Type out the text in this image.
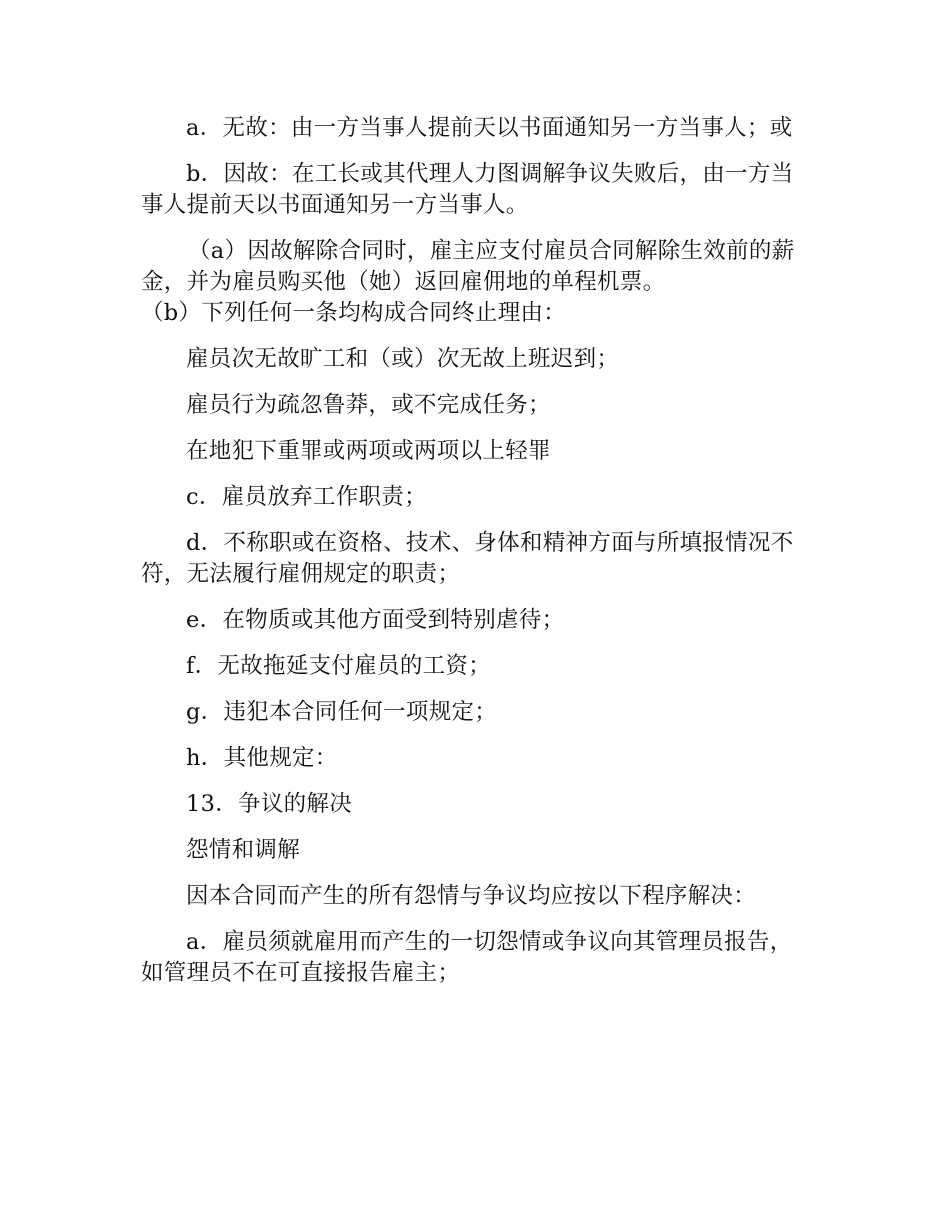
a．无故：由一方当事人提前天以书面通知另一方当事人；或

b．因故：在工长或其代理人力图调解争议失败后，由一方当事人提前天以书面通知另一方当事人。

（a）因故解除合同时，雇主应支付雇员合同解除生效前的薪金，并为雇员购买他（她）返回雇佣地的单程机票。

（b）下列任何一条均构成合同终止理由：

雇员次无故旷工和（或）次无故上班迟到；

雇员行为疏忽鲁莽，或不完成任务；

在地犯下重罪或两项或两项以上轻罪

c．雇员放弃工作职责；

d．不称职或在资格、技术、身体和精神方面与所填报情况不符，无法履行雇佣规定的职责；

e．在物质或其他方面受到特别虐待；

f．无故拖延支付雇员的工资；

g．违犯本合同任何一项规定；

h．其他规定：

13．争议的解决

怨情和调解

因本合同而产生的所有怨情与争议均应按以下程序解决：

a．雇员须就雇用而产生的一切怨情或争议向其管理员报告，如管理员不在可直接报告雇主；
